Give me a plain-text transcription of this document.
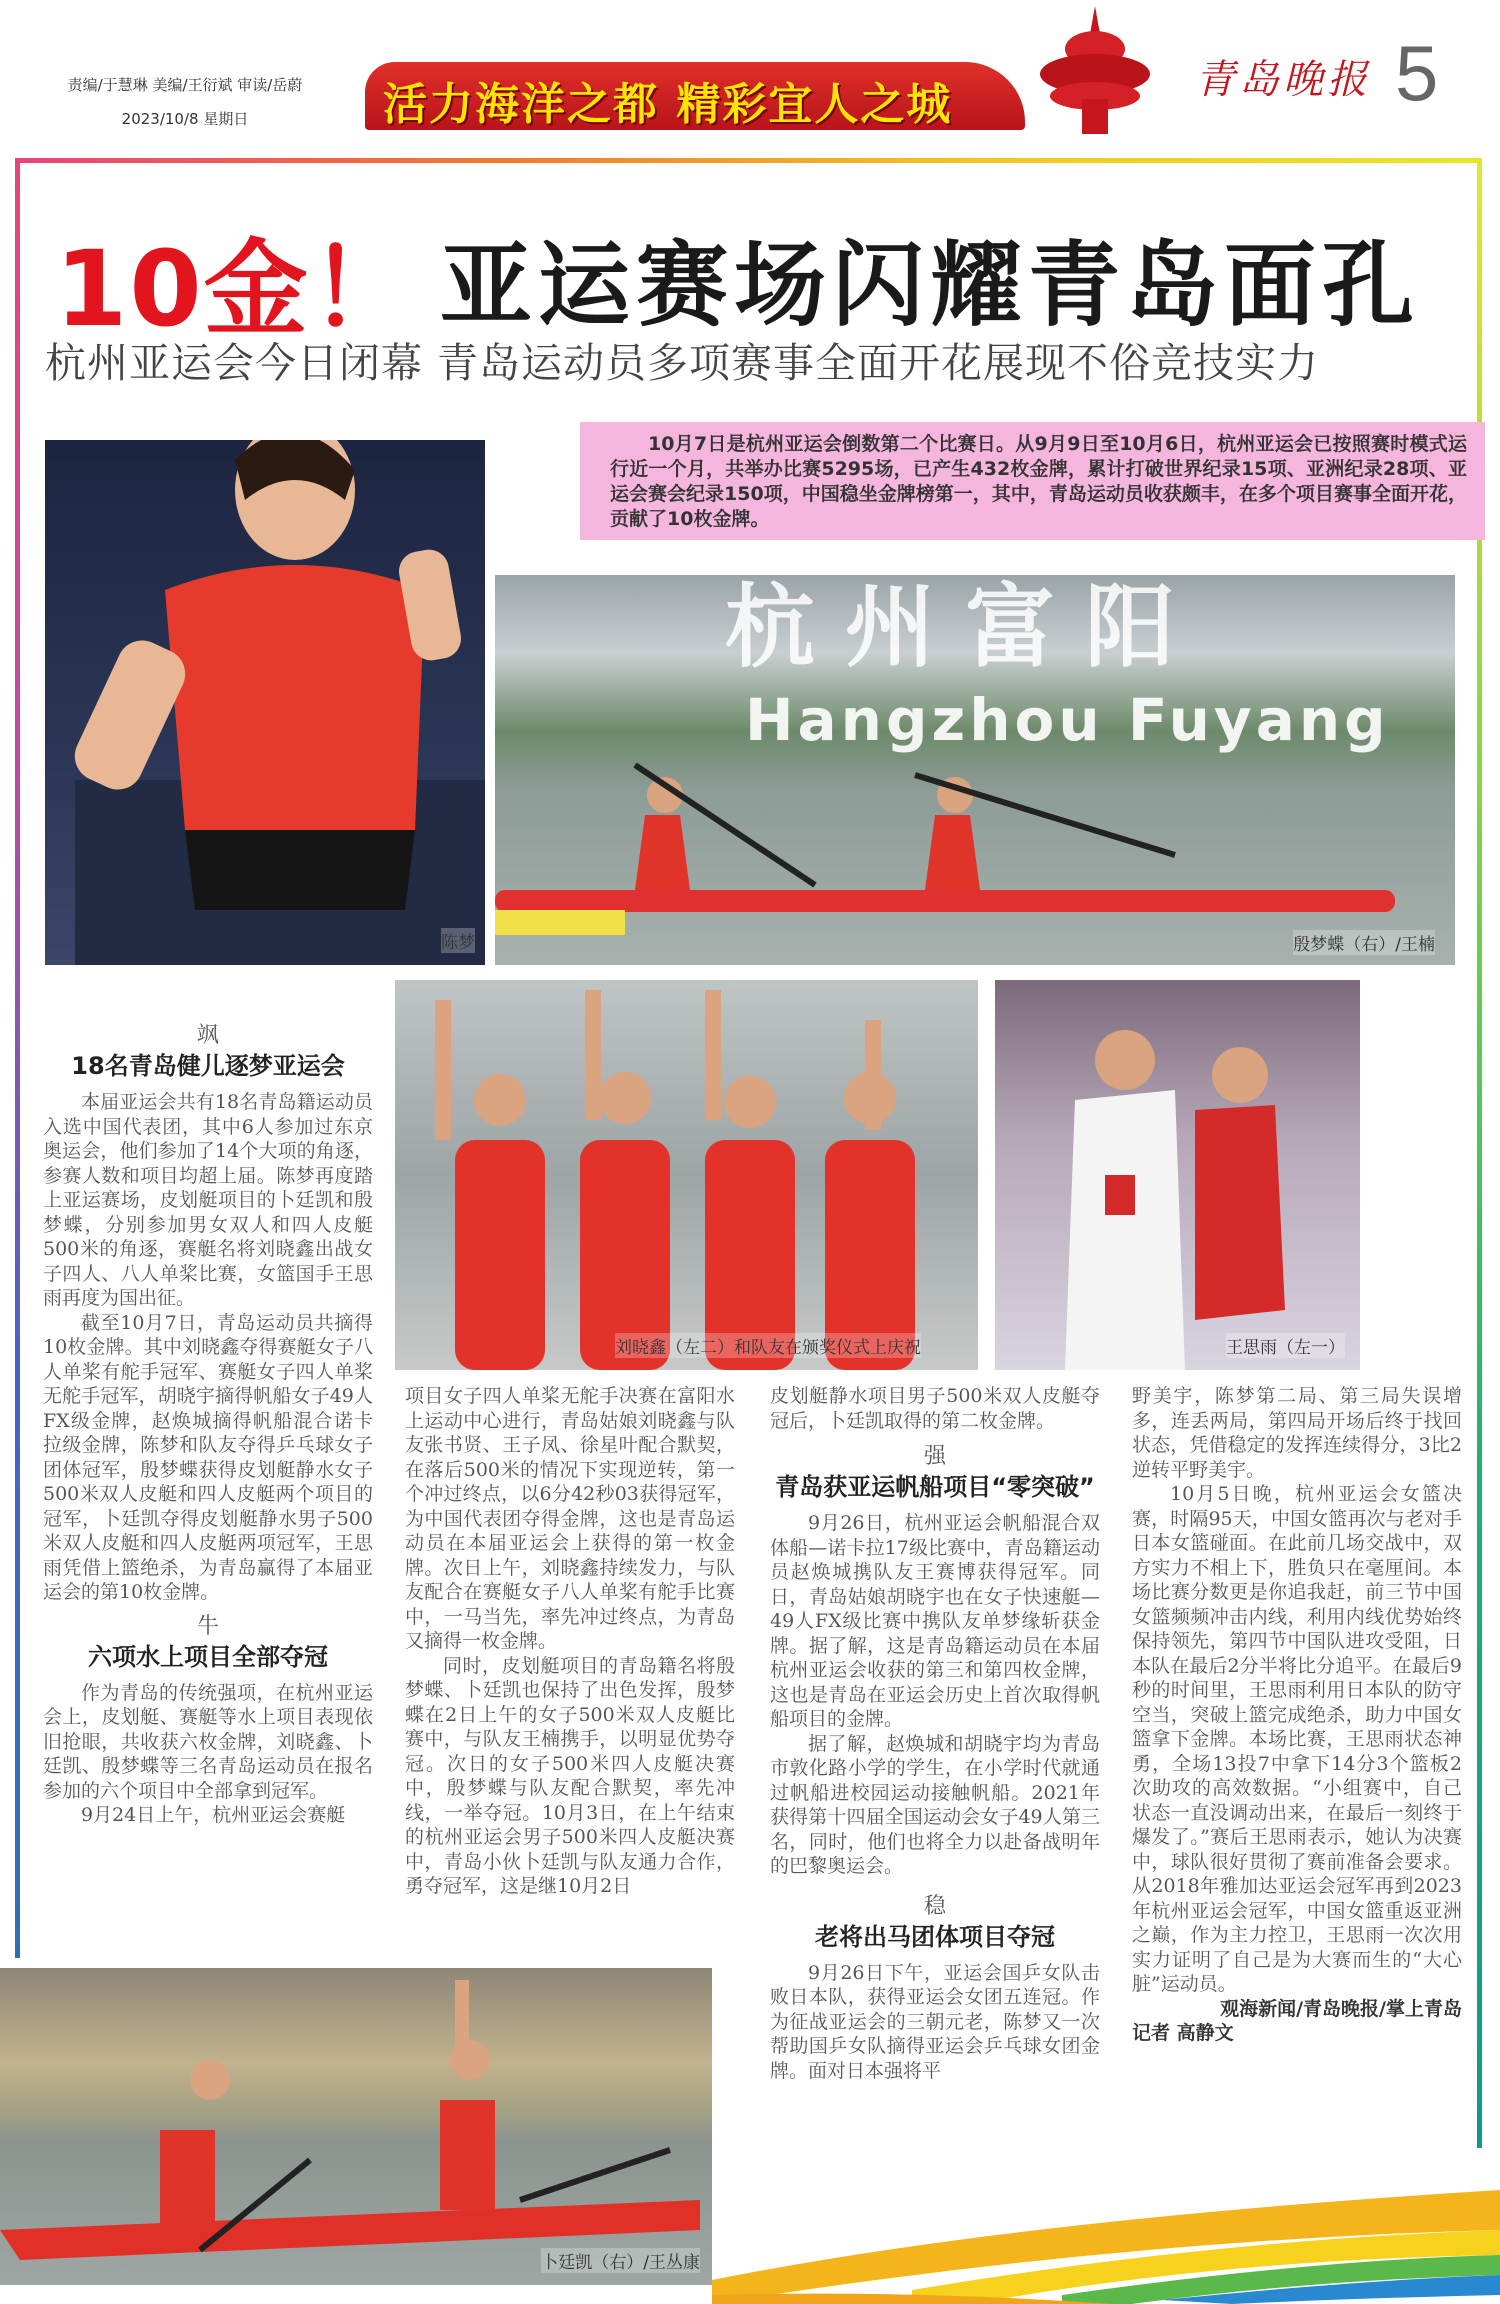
责编/于慧琳 美编/王衍斌 审读/岳蔚
2023/10/8 星期日	活力海洋之都 精彩宜人之城	青岛晚报 5
10金！ 亚运赛场闪耀青岛面孔
杭州亚运会今日闭幕 青岛运动员多项赛事全面开花展现不俗竞技实力
10月7日是杭州亚运会倒数第二个比赛日。从9月9日至10月6日，杭州亚运会已按照赛时模式运行近一个月，共举办比赛5295场，已产生432枚金牌，累计打破世界纪录15项、亚洲纪录28项、亚运会赛会纪录150项，中国稳坐金牌榜第一，其中，青岛运动员收获颇丰，在多个项目赛事全面开花，贡献了10枚金牌。
陈梦
杭州富阳
Hangzhou Fuyang
殷梦蝶（右）/王楠
刘晓鑫（左二）和队友在颁奖仪式上庆祝	王思雨（左一）
卜廷凯（右）/王丛康
飒
18名青岛健儿逐梦亚运会

本届亚运会共有18名青岛籍运动员入选中国代表团，其中6人参加过东京奥运会，他们参加了14个大项的角逐，参赛人数和项目均超上届。陈梦再度踏上亚运赛场，皮划艇项目的卜廷凯和殷梦蝶，分别参加男女双人和四人皮艇500米的角逐，赛艇名将刘晓鑫出战女子四人、八人单桨比赛，女篮国手王思雨再度为国出征。

截至10月7日，青岛运动员共摘得10枚金牌。其中刘晓鑫夺得赛艇女子八人单桨有舵手冠军、赛艇女子四人单桨无舵手冠军，胡晓宇摘得帆船女子49人FX级金牌，赵焕城摘得帆船混合诺卡拉级金牌，陈梦和队友夺得乒乓球女子团体冠军，殷梦蝶获得皮划艇静水女子500米双人皮艇和四人皮艇两个项目的冠军，卜廷凯夺得皮划艇静水男子500米双人皮艇和四人皮艇两项冠军，王思雨凭借上篮绝杀，为青岛赢得了本届亚运会的第10枚金牌。

牛
六项水上项目全部夺冠

作为青岛的传统强项，在杭州亚运会上，皮划艇、赛艇等水上项目表现依旧抢眼，共收获六枚金牌，刘晓鑫、卜廷凯、殷梦蝶等三名青岛运动员在报名参加的六个项目中全部拿到冠军。

9月24日上午，杭州亚运会赛艇

项目女子四人单桨无舵手决赛在富阳水上运动中心进行，青岛姑娘刘晓鑫与队友张书贤、王子凤、徐星叶配合默契，在落后500米的情况下实现逆转，第一个冲过终点，以6分42秒03获得冠军，为中国代表团夺得金牌，这也是青岛运动员在本届亚运会上获得的第一枚金牌。次日上午，刘晓鑫持续发力，与队友配合在赛艇女子八人单桨有舵手比赛中，一马当先，率先冲过终点，为青岛又摘得一枚金牌。

同时，皮划艇项目的青岛籍名将殷梦蝶、卜廷凯也保持了出色发挥，殷梦蝶在2日上午的女子500米双人皮艇比赛中，与队友王楠携手，以明显优势夺冠。次日的女子500米四人皮艇决赛中，殷梦蝶与队友配合默契，率先冲线，一举夺冠。10月3日，在上午结束的杭州亚运会男子500米四人皮艇决赛中，青岛小伙卜廷凯与队友通力合作，勇夺冠军，这是继10月2日

皮划艇静水项目男子500米双人皮艇夺冠后，卜廷凯取得的第二枚金牌。

强
青岛获亚运帆船项目“零突破”

9月26日，杭州亚运会帆船混合双体船—诺卡拉17级比赛中，青岛籍运动员赵焕城携队友王赛博获得冠军。同日，青岛姑娘胡晓宇也在女子快速艇—49人FX级比赛中携队友单梦缘斩获金牌。据了解，这是青岛籍运动员在本届杭州亚运会收获的第三和第四枚金牌，这也是青岛在亚运会历史上首次取得帆船项目的金牌。

据了解，赵焕城和胡晓宇均为青岛市敦化路小学的学生，在小学时代就通过帆船进校园运动接触帆船。2021年获得第十四届全国运动会女子49人第三名，同时，他们也将全力以赴备战明年的巴黎奥运会。

稳
老将出马团体项目夺冠

9月26日下午，亚运会国乒女队击败日本队，获得亚运会女团五连冠。作为征战亚运会的三朝元老，陈梦又一次帮助国乒女队摘得亚运会乒乓球女团金牌。面对日本强将平

野美宇，陈梦第二局、第三局失误增多，连丢两局，第四局开场后终于找回状态，凭借稳定的发挥连续得分，3比2逆转平野美宇。

10月5日晚，杭州亚运会女篮决赛，时隔95天，中国女篮再次与老对手日本女篮碰面。在此前几场交战中，双方实力不相上下，胜负只在毫厘间。本场比赛分数更是你追我赶，前三节中国女篮频频冲击内线，利用内线优势始终保持领先，第四节中国队进攻受阻，日本队在最后2分半将比分追平。在最后9秒的时间里，王思雨利用日本队的防守空当，突破上篮完成绝杀，助力中国女篮拿下金牌。本场比赛，王思雨状态神勇，全场13投7中拿下14分3个篮板2次助攻的高效数据。“小组赛中，自己状态一直没调动出来，在最后一刻终于爆发了。”赛后王思雨表示，她认为决赛中，球队很好贯彻了赛前准备会要求。从2018年雅加达亚运会冠军再到2023年杭州亚运会冠军，中国女篮重返亚洲之巅，作为主力控卫，王思雨一次次用实力证明了自己是为大赛而生的“大心脏”运动员。

观海新闻/青岛晚报/掌上青岛
记者 高静文
